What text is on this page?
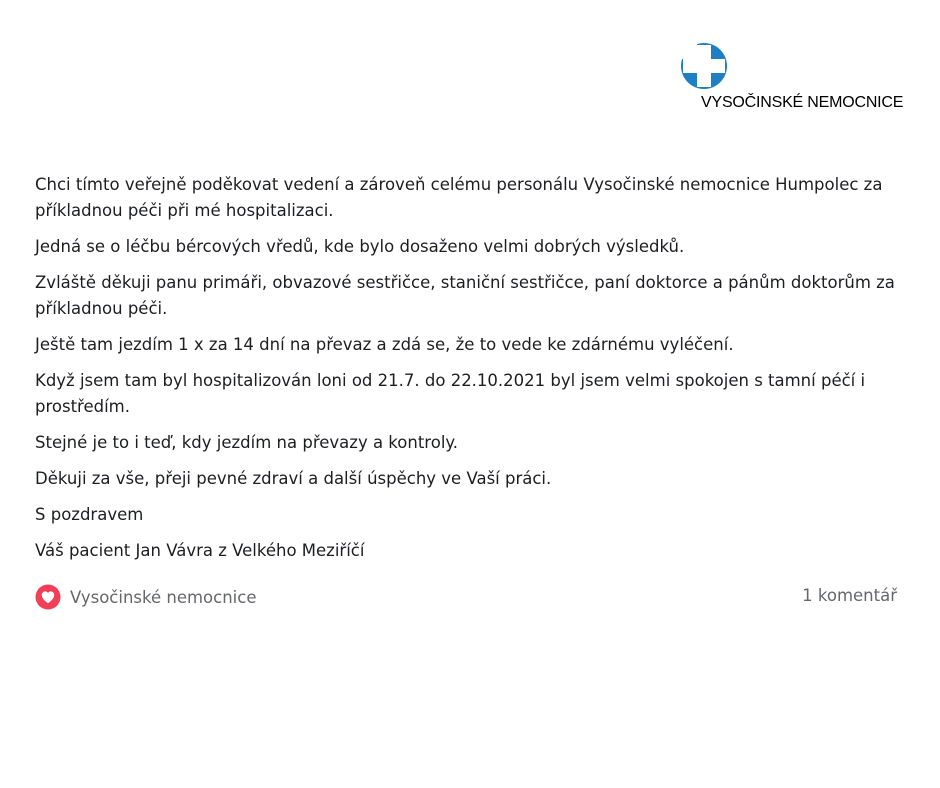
VYSOČINSKÉ NEMOCNICE

Chci tímto veřejně poděkovat vedení a zároveň celému personálu Vysočinské nemocnice Humpolec za příkladnou péči při mé hospitalizaci.

Jedná se o léčbu bércových vředů, kde bylo dosaženo velmi dobrých výsledků.

Zvláště děkuji panu primáři, obvazové sestřičce, staniční sestřičce, paní doktorce a pánům doktorům za příkladnou péči.

Ještě tam jezdím 1 x za 14 dní na převaz a zdá se, že to vede ke zdárnému vyléčení.

Když jsem tam byl hospitalizován loni od 21.7. do 22.10.2021 byl jsem velmi spokojen s tamní péčí i prostředím.

Stejné je to i teď, kdy jezdím na převazy a kontroly.

Děkuji za vše, přeji pevné zdraví a další úspěchy ve Vaší práci.

S pozdravem

Váš pacient Jan Vávra z Velkého Meziříčí

Vysočinské nemocnice	1 komentář
